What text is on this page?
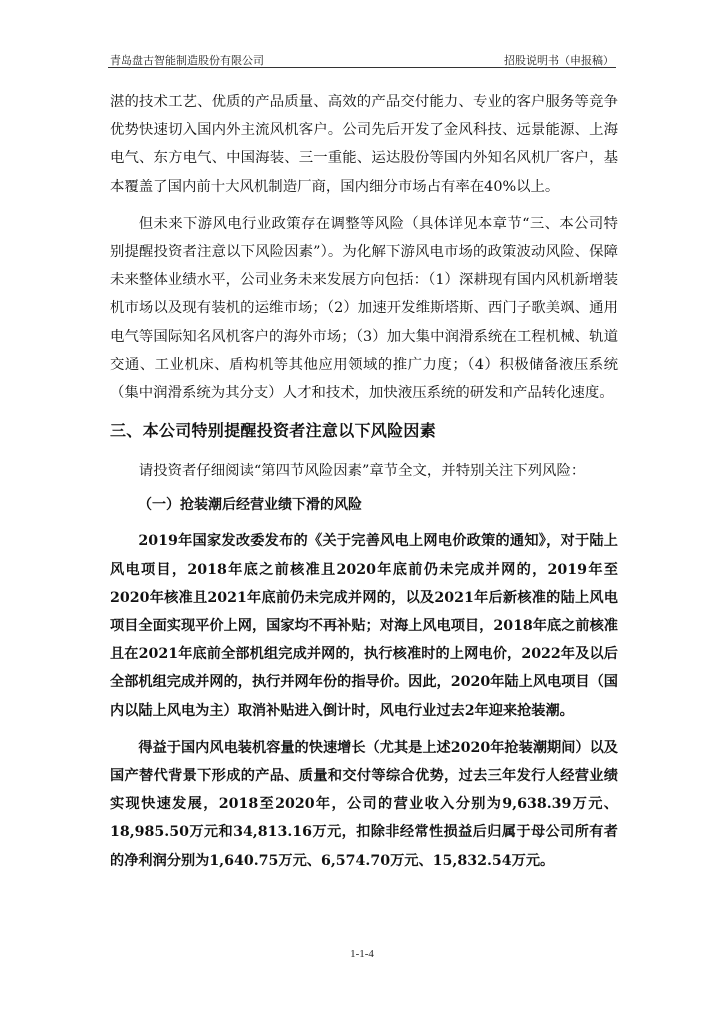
青岛盘古智能制造股份有限公司	招股说明书（申报稿）

湛的技术工艺、优质的产品质量、高效的产品交付能力、专业的客户服务等竞争优势快速切入国内外主流风机客户。公司先后开发了金风科技、远景能源、上海电气、东方电气、中国海装、三一重能、运达股份等国内外知名风机厂客户，基本覆盖了国内前十大风机制造厂商，国内细分市场占有率在40%以上。

但未来下游风电行业政策存在调整等风险（具体详见本章节“三、本公司特别提醒投资者注意以下风险因素”）。为化解下游风电市场的政策波动风险、保障未来整体业绩水平，公司业务未来发展方向包括：（1）深耕现有国内风机新增装机市场以及现有装机的运维市场；（2）加速开发维斯塔斯、西门子歌美飒、通用电气等国际知名风机客户的海外市场；（3）加大集中润滑系统在工程机械、轨道交通、工业机床、盾构机等其他应用领域的推广力度；（4）积极储备液压系统（集中润滑系统为其分支）人才和技术，加快液压系统的研发和产品转化速度。

三、本公司特别提醒投资者注意以下风险因素

请投资者仔细阅读“第四节风险因素”章节全文，并特别关注下列风险：

（一）抢装潮后经营业绩下滑的风险

2019年国家发改委发布的《关于完善风电上网电价政策的通知》，对于陆上风电项目，2018年底之前核准且2020年底前仍未完成并网的，2019年至2020年核准且2021年底前仍未完成并网的，以及2021年后新核准的陆上风电项目全面实现平价上网，国家均不再补贴；对海上风电项目，2018年底之前核准且在2021年底前全部机组完成并网的，执行核准时的上网电价，2022年及以后全部机组完成并网的，执行并网年份的指导价。因此，2020年陆上风电项目（国内以陆上风电为主）取消补贴进入倒计时，风电行业过去2年迎来抢装潮。

得益于国内风电装机容量的快速增长（尤其是上述2020年抢装潮期间）以及国产替代背景下形成的产品、质量和交付等综合优势，过去三年发行人经营业绩实现快速发展，2018至2020年，公司的营业收入分别为9,638.39万元、18,985.50万元和34,813.16万元，扣除非经常性损益后归属于母公司所有者的净利润分别为1,640.75万元、6,574.70万元、15,832.54万元。

1-1-4
